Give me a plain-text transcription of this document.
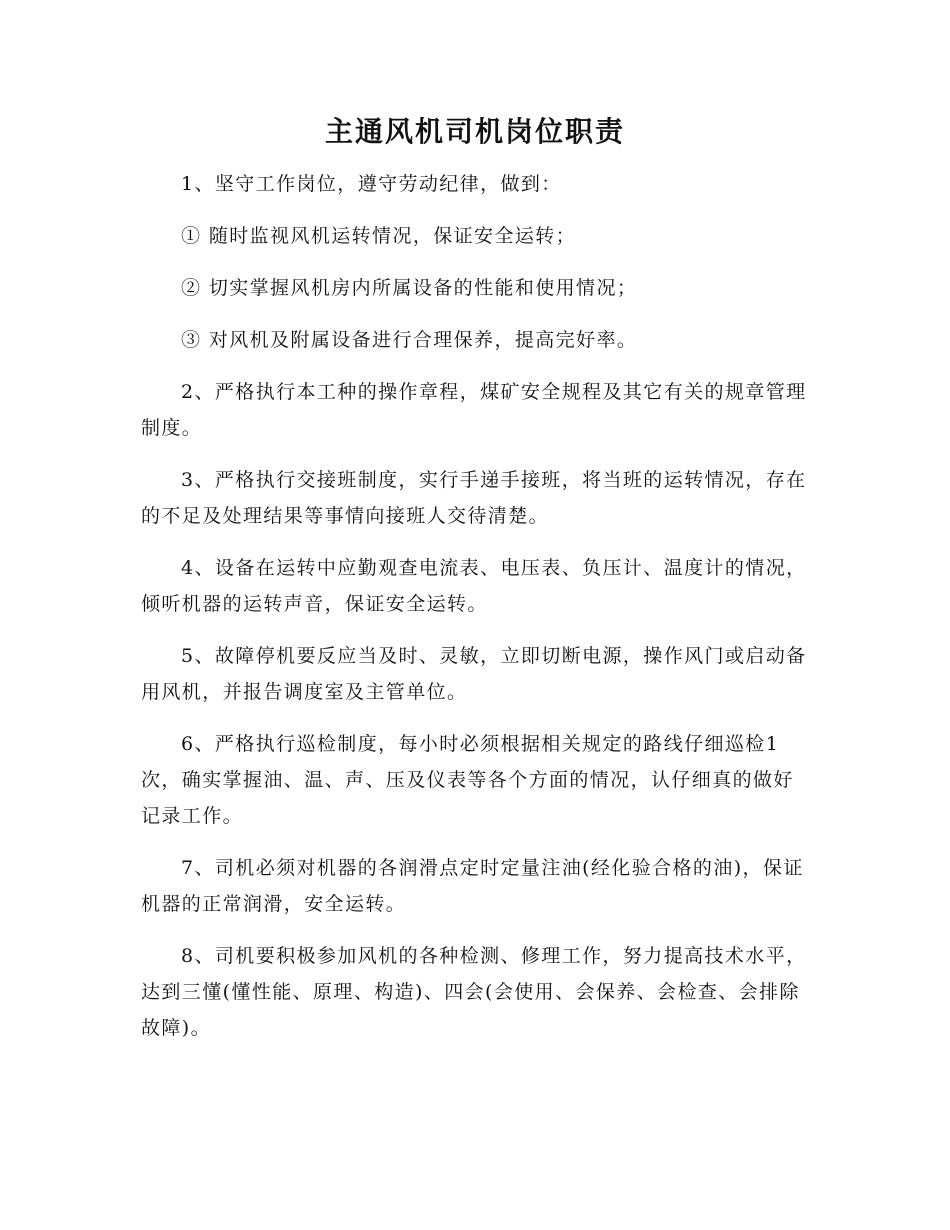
主通风机司机岗位职责

1、坚守工作岗位，遵守劳动纪律，做到：

① 随时监视风机运转情况，保证安全运转；

② 切实掌握风机房内所属设备的性能和使用情况；

③ 对风机及附属设备进行合理保养，提高完好率。

2、严格执行本工种的操作章程，煤矿安全规程及其它有关的规章管理制度。

3、严格执行交接班制度，实行手递手接班，将当班的运转情况，存在的不足及处理结果等事情向接班人交待清楚。

4、设备在运转中应勤观查电流表、电压表、负压计、温度计的情况，倾听机器的运转声音，保证安全运转。

5、故障停机要反应当及时、灵敏，立即切断电源，操作风门或启动备用风机，并报告调度室及主管单位。

6、严格执行巡检制度，每小时必须根据相关规定的路线仔细巡检1次，确实掌握油、温、声、压及仪表等各个方面的情况，认仔细真的做好记录工作。

7、司机必须对机器的各润滑点定时定量注油(经化验合格的油)，保证机器的正常润滑，安全运转。

8、司机要积极参加风机的各种检测、修理工作，努力提高技术水平，达到三懂(懂性能、原理、构造)、四会(会使用、会保养、会检查、会排除故障)。
